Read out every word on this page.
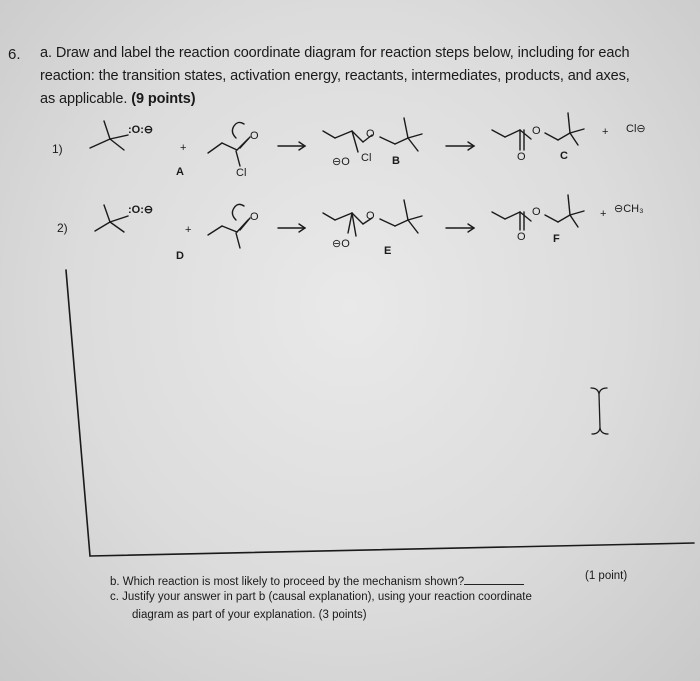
6. a. Draw and label the reaction coordinate diagram for reaction steps below, including for each
reaction: the transition states, activation energy, reactants, intermediates, products, and axes,
as applicable. (9 points)
1)
:O:⊖
+
A
O
Cl
O
⊖O Cl B
O
O	C
+ Cl⊖
2)
:O:⊖
+
D
O	O
⊖O
E
O
O F
+ ⊖CH₃
b. Which reaction is most likely to proceed by the mechanism shown?	(1 point)
c. Justify your answer in part b (causal explanation), using your reaction coordinate
diagram as part of your explanation. (3 points)
